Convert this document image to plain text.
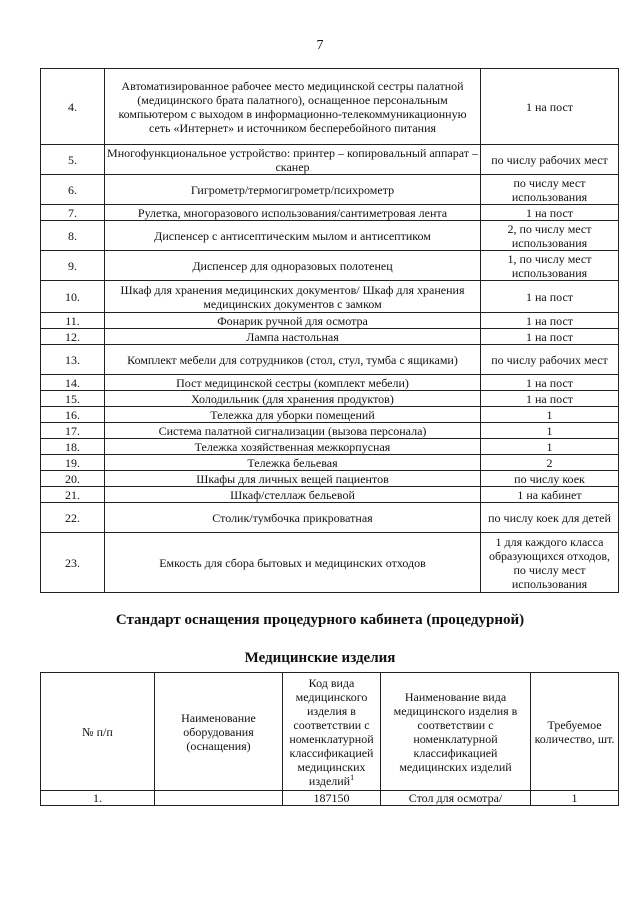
7
4.	Автоматизированное рабочее место медицинской сестры палатной (медицинского брата палатного), оснащенное персональным компьютером с выходом в информационно-телекоммуникационную сеть «Интернет» и источником бесперебойного питания	1 на пост
5.	Многофункциональное устройство: принтер – копировальный аппарат – сканер	по числу рабочих мест
6.	Гигрометр/термогигрометр/психрометр	по числу мест использования
7.	Рулетка, многоразового использования/сантиметровая лента	1 на пост
8.	Диспенсер с антисептическим мылом и антисептиком	2, по числу мест использования
9.	Диспенсер для одноразовых полотенец	1, по числу мест использования
10.	Шкаф для хранения медицинских документов/ Шкаф для хранения медицинских документов с замком	1 на пост
11.	Фонарик ручной для осмотра	1 на пост
12.	Лампа настольная	1 на пост
13.	Комплект мебели для сотрудников (стол, стул, тумба с ящиками)	по числу рабочих мест
14.	Пост медицинской сестры (комплект мебели)	1 на пост
15.	Холодильник (для хранения продуктов)	1 на пост
16.	Тележка для уборки помещений	1
17.	Система палатной сигнализации (вызова персонала)	1
18.	Тележка хозяйственная межкорпусная	1
19.	Тележка бельевая	2
20.	Шкафы для личных вещей пациентов	по числу коек
21.	Шкаф/стеллаж бельевой	1 на кабинет
22.	Столик/тумбочка прикроватная	по числу коек для детей
23.	Емкость для сбора бытовых и медицинских отходов	1 для каждого класса образующихся отходов, по числу мест использования
Стандарт оснащения процедурного кабинета (процедурной)
Медицинские изделия
№ п/п	Наименование оборудования (оснащения)	Код вида медицинского изделия в соответствии с номенклатурной классификацией медицинских изделий$^1$	Наименование вида медицинского изделия в соответствии с номенклатурной классификацией медицинских изделий	Требуемое количество, шт.
1.		187150	Стол для осмотра/	1
